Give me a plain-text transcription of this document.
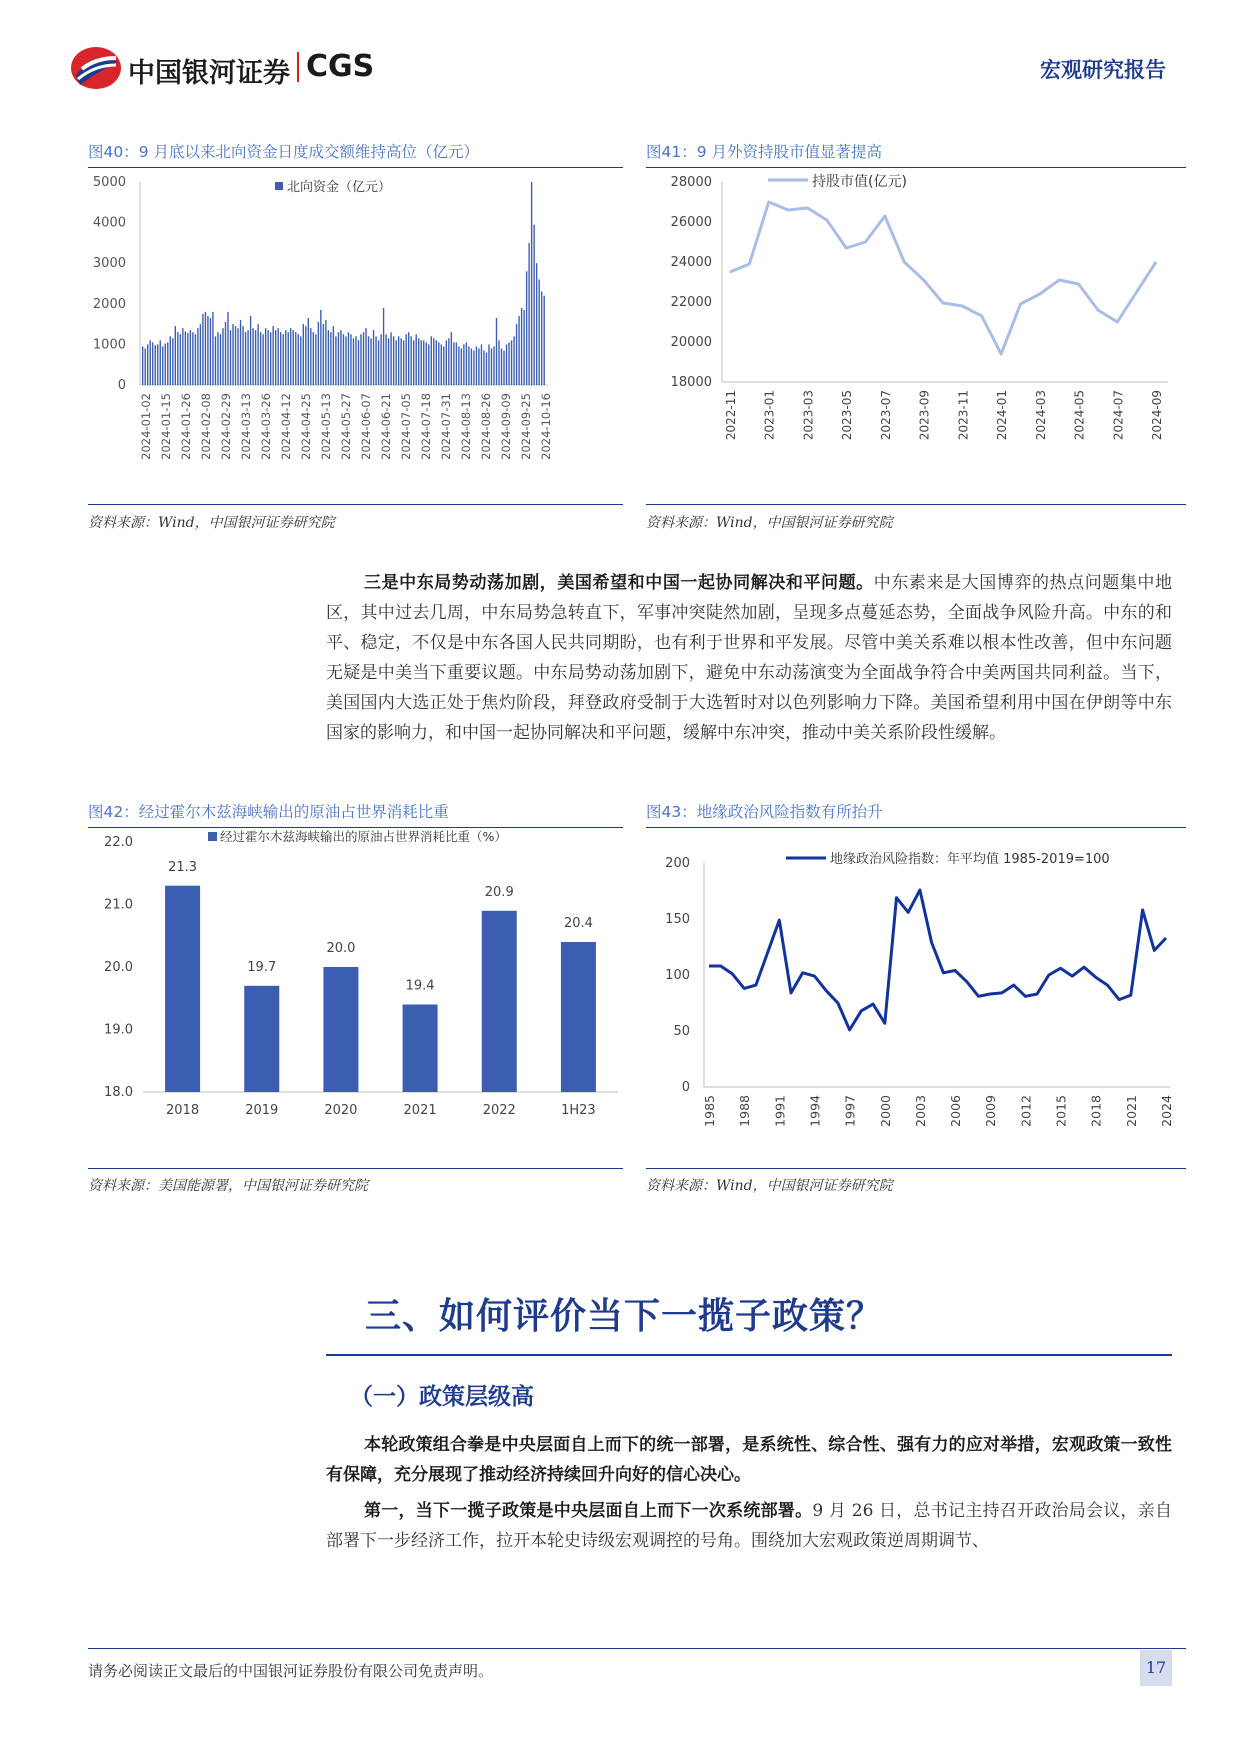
中国银河证券 CGS	宏观研究报告
图40：9 月底以来北向资金日度成交额维持高位（亿元）
0
1000
2000
3000
4000
5000
2024-01-02 2024-01-15 2024-01-26 2024-02-08 2024-02-29 2024-03-13 2024-03-26 2024-04-12 2024-04-25 2024-05-13 2024-05-27 2024-06-07 2024-06-21 2024-07-05 2024-07-18 2024-07-31 2024-08-13 2024-08-26 2024-09-09 2024-09-25 2024-10-16
北向资金（亿元）
资料来源：Wind，中国银河证券研究院
图41：9 月外资持股市值显著提高
18000
20000
22000
24000
26000
28000
2022-11 2023-01 2023-03 2023-05 2023-07 2023-09 2023-11 2024-01 2024-03 2024-05 2024-07 2024-09
持股市值(亿元)
资料来源：Wind，中国银河证券研究院
三是中东局势动荡加剧，美国希望和中国一起协同解决和平问题。中东素来是大国博弈的热点问题集中地区，其中过去几周，中东局势急转直下，军事冲突陡然加剧，呈现多点蔓延态势，全面战争风险升高。中东的和平、稳定，不仅是中东各国人民共同期盼，也有利于世界和平发展。尽管中美关系难以根本性改善，但中东问题无疑是中美当下重要议题。中东局势动荡加剧下，避免中东动荡演变为全面战争符合中美两国共同利益。当下，美国国内大选正处于焦灼阶段，拜登政府受制于大选暂时对以色列影响力下降。美国希望利用中国在伊朗等中东国家的影响力，和中国一起协同解决和平问题，缓解中东冲突，推动中美关系阶段性缓解。
图42：经过霍尔木兹海峡输出的原油占世界消耗比重
18.0
19.0
20.0
21.0
22.0
21.3
2018
19.7
2019
20.0
2020
19.4
2021
20.9
2022
20.4
1H23
经过霍尔木兹海峡输出的原油占世界消耗比重（%）
资料来源：美国能源署，中国银河证券研究院
图43：地缘政治风险指数有所抬升
0
50
100
150
200
1985 1988 1991 1994 1997 2000 2003 2006 2009 2012 2015 2018 2021 2024
地缘政治风险指数：年平均值 1985-2019=100
资料来源：Wind，中国银河证券研究院
三、如何评价当下一揽子政策？
（一）政策层级高
本轮政策组合拳是中央层面自上而下的统一部署，是系统性、综合性、强有力的应对举措，宏观政策一致性有保障，充分展现了推动经济持续回升向好的信心决心。
第一，当下一揽子政策是中央层面自上而下一次系统部署。9 月 26 日，总书记主持召开政治局会议，亲自部署下一步经济工作，拉开本轮史诗级宏观调控的号角。围绕加大宏观政策逆周期调节、
请务必阅读正文最后的中国银河证券股份有限公司免责声明。	17
